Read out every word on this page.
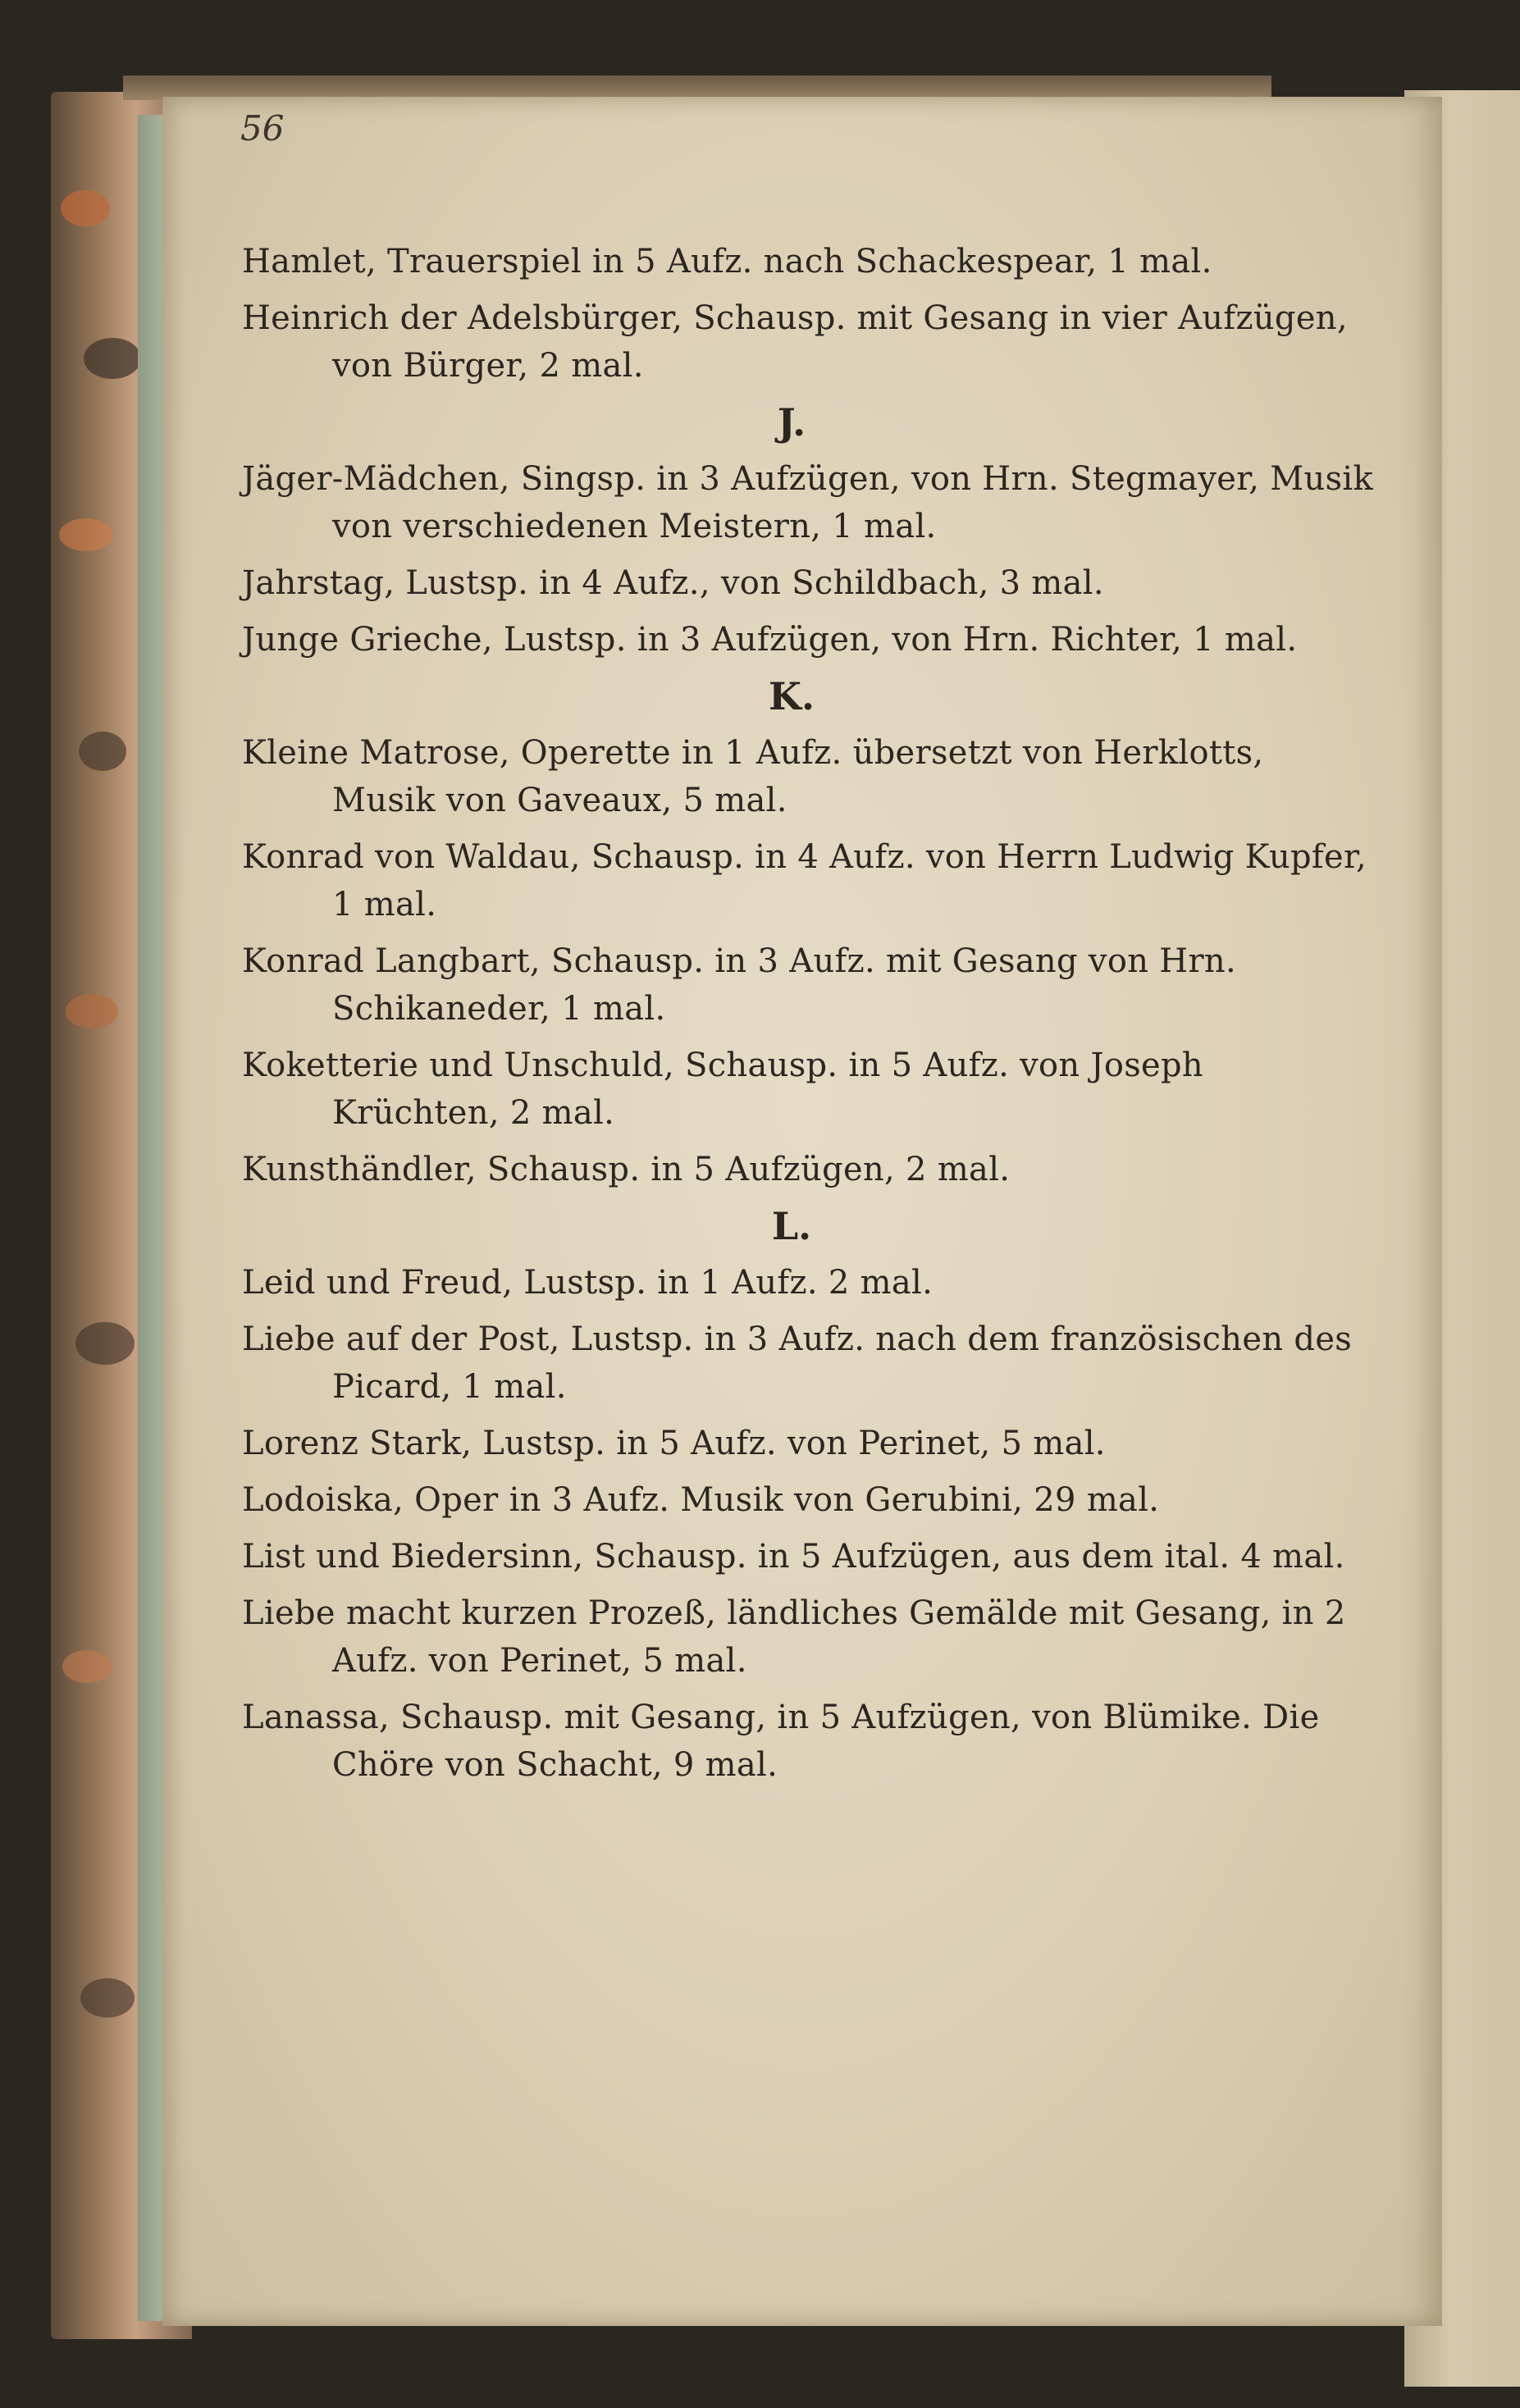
56
Hamlet, Trauerspiel in 5 Aufz. nach Schackespear, 1 mal.
Heinrich der Adelsbürger, Schausp. mit Gesang in vier Aufzügen, von Bürger, 2 mal.
J.
Jäger-Mädchen, Singsp. in 3 Aufzügen, von Hrn. Stegmayer, Musik von verschiedenen Meistern, 1 mal.
Jahrstag, Lustsp. in 4 Aufz., von Schildbach, 3 mal.
Junge Grieche, Lustsp. in 3 Aufzügen, von Hrn. Richter, 1 mal.
K.
Kleine Matrose, Operette in 1 Aufz. übersetzt von Herklotts, Musik von Gaveaux, 5 mal.
Konrad von Waldau, Schausp. in 4 Aufz. von Herrn Ludwig Kupfer, 1 mal.
Konrad Langbart, Schausp. in 3 Aufz. mit Gesang von Hrn. Schikaneder, 1 mal.
Koketterie und Unschuld, Schausp. in 5 Aufz. von Joseph Krüchten, 2 mal.
Kunsthändler, Schausp. in 5 Aufzügen, 2 mal.
L.
Leid und Freud, Lustsp. in 1 Aufz. 2 mal.
Liebe auf der Post, Lustsp. in 3 Aufz. nach dem französischen des Picard, 1 mal.
Lorenz Stark, Lustsp. in 5 Aufz. von Perinet, 5 mal.
Lodoiska, Oper in 3 Aufz. Musik von Gerubini, 29 mal.
List und Biedersinn, Schausp. in 5 Aufzügen, aus dem ital. 4 mal.
Liebe macht kurzen Prozeß, ländliches Gemälde mit Gesang, in 2 Aufz. von Perinet, 5 mal.
Lanassa, Schausp. mit Gesang, in 5 Aufzügen, von Blümike. Die Chöre von Schacht, 9 mal.
